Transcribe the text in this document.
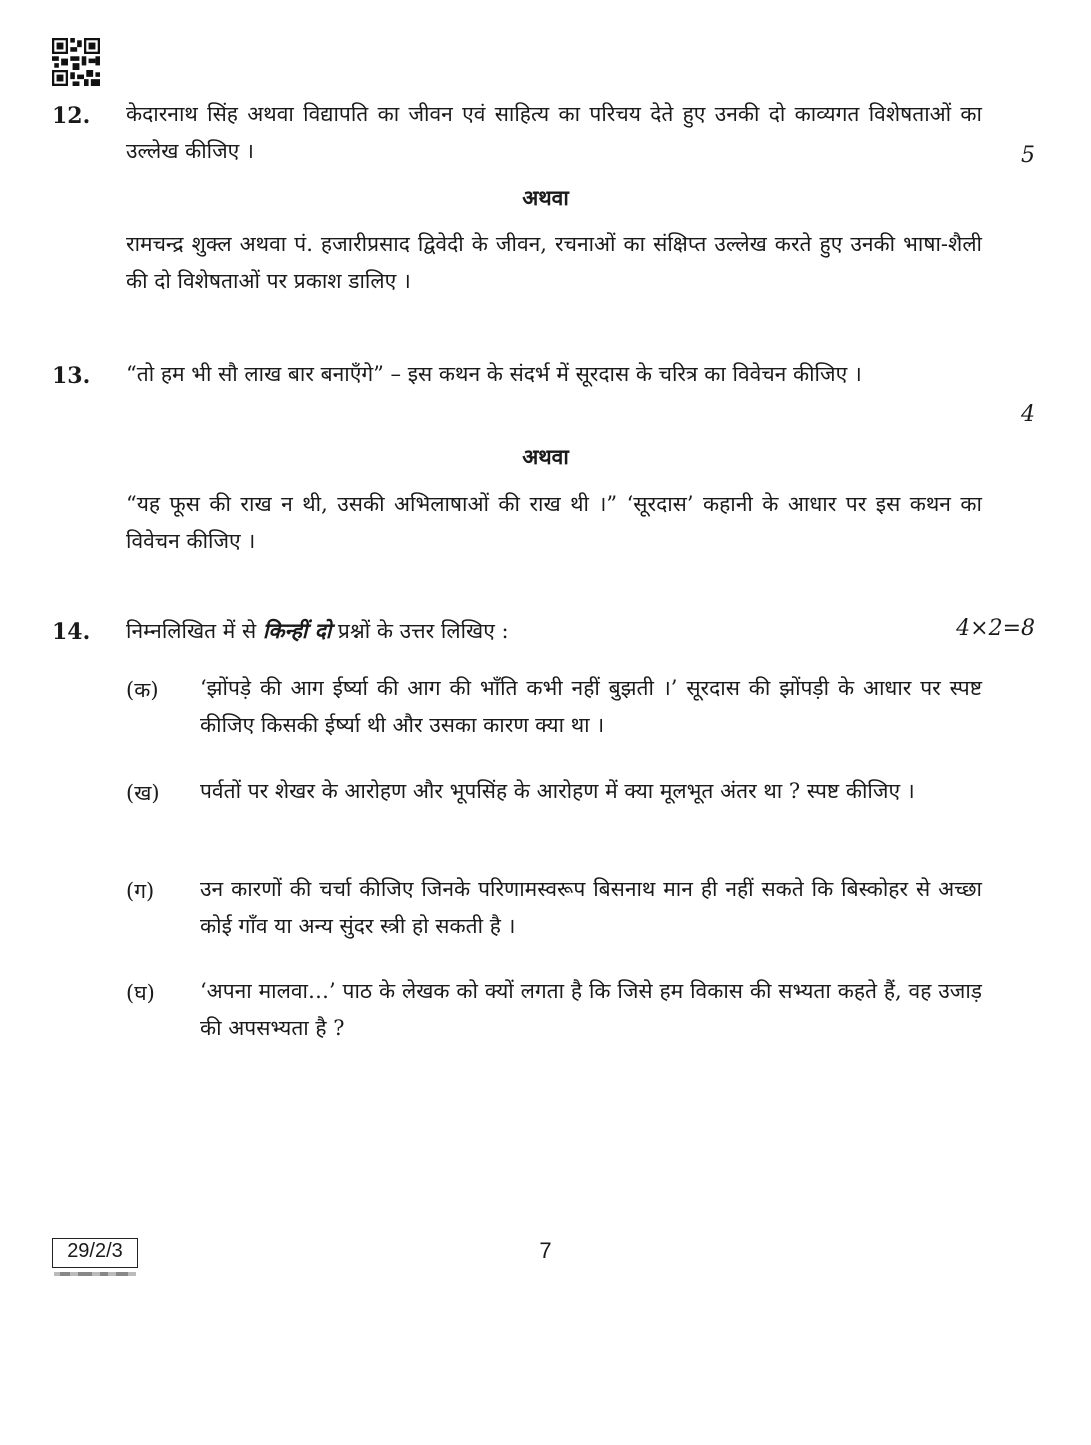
12. केदारनाथ सिंह अथवा विद्यापति का जीवन एवं साहित्य का परिचय देते हुए उनकी दो काव्यगत विशेषताओं का उल्लेख कीजिए ।	5
अथवा
रामचन्द्र शुक्ल अथवा पं. हजारीप्रसाद द्विवेदी के जीवन, रचनाओं का संक्षिप्त उल्लेख करते हुए उनकी भाषा-शैली की दो विशेषताओं पर प्रकाश डालिए ।
13. “तो हम भी सौ लाख बार बनाएँगे” – इस कथन के संदर्भ में सूरदास के चरित्र का विवेचन कीजिए ।
4
अथवा
“यह फूस की राख न थी, उसकी अभिलाषाओं की राख थी ।” ‘सूरदास’ कहानी के आधार पर इस कथन का विवेचन कीजिए ।
14. निम्नलिखित में से किन्हीं दो प्रश्नों के उत्तर लिखिए :	4×2=8
(क) ‘झोंपड़े की आग ईर्ष्या की आग की भाँति कभी नहीं बुझती ।’ सूरदास की झोंपड़ी के आधार पर स्पष्ट कीजिए किसकी ईर्ष्या थी और उसका कारण क्या था ।
(ख) पर्वतों पर शेखर के आरोहण और भूपसिंह के आरोहण में क्या मूलभूत अंतर था ? स्पष्ट कीजिए ।
(ग) उन कारणों की चर्चा कीजिए जिनके परिणामस्वरूप बिसनाथ मान ही नहीं सकते कि बिस्कोहर से अच्छा कोई गाँव या अन्य सुंदर स्त्री हो सकती है ।
(घ) ‘अपना मालवा…’ पाठ के लेखक को क्यों लगता है कि जिसे हम विकास की सभ्यता कहते हैं, वह उजाड़ की अपसभ्यता है ?
29/2/3	7
